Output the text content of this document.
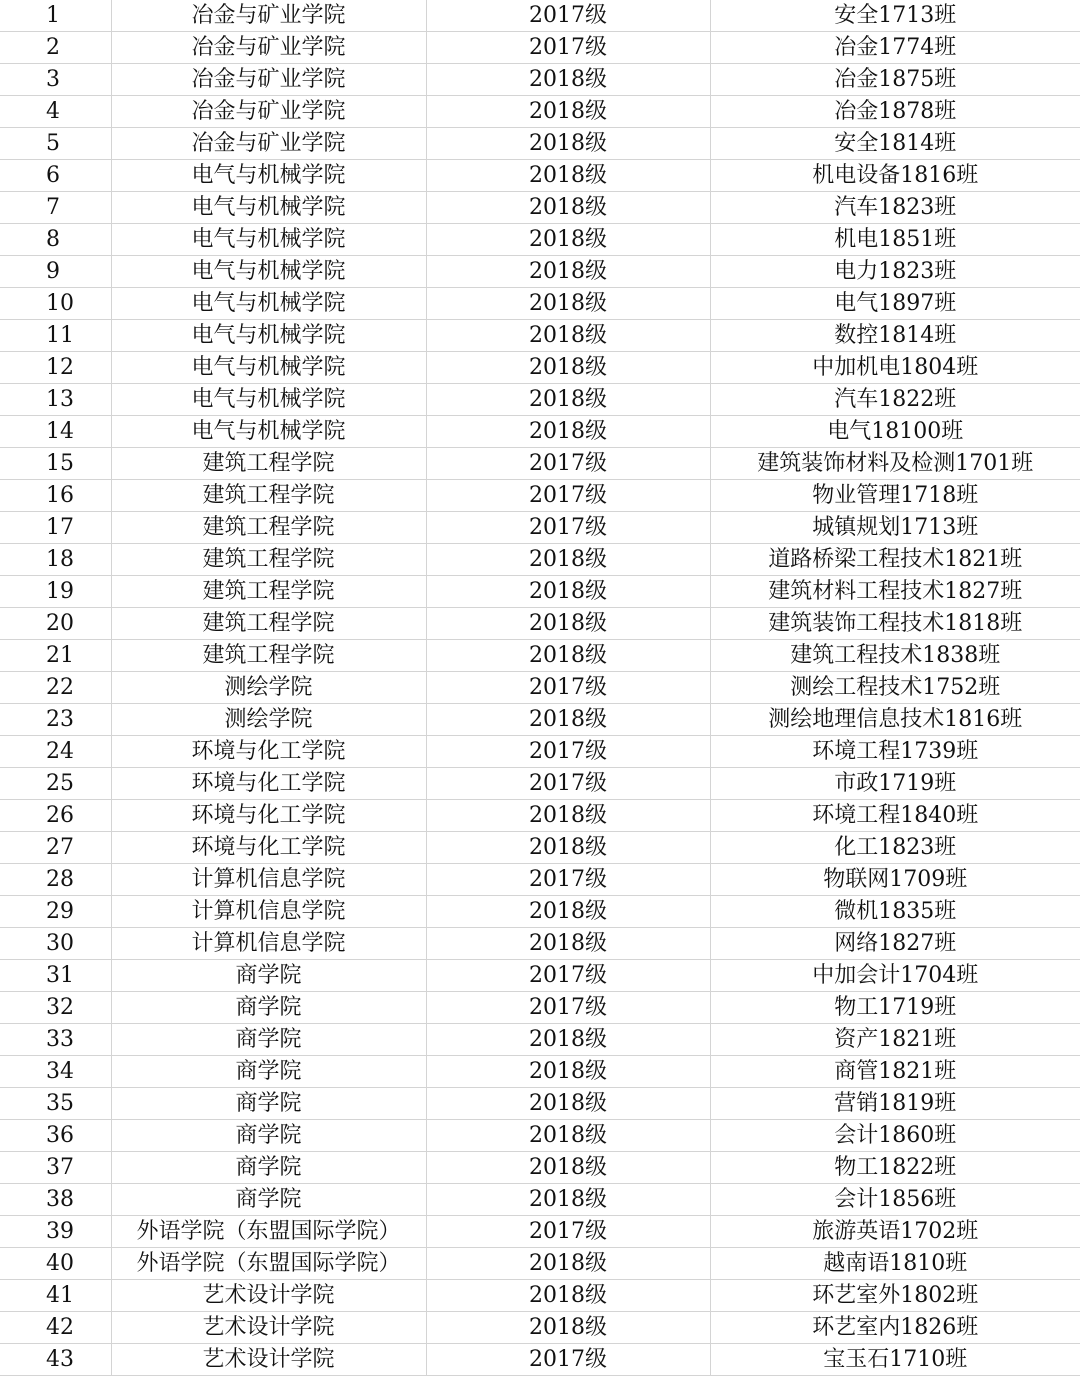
1	冶金与矿业学院	2017级	安全1713班
2	冶金与矿业学院	2017级	冶金1774班
3	冶金与矿业学院	2018级	冶金1875班
4	冶金与矿业学院	2018级	冶金1878班
5	冶金与矿业学院	2018级	安全1814班
6	电气与机械学院	2018级	机电设备1816班
7	电气与机械学院	2018级	汽车1823班
8	电气与机械学院	2018级	机电1851班
9	电气与机械学院	2018级	电力1823班
10	电气与机械学院	2018级	电气1897班
11	电气与机械学院	2018级	数控1814班
12	电气与机械学院	2018级	中加机电1804班
13	电气与机械学院	2018级	汽车1822班
14	电气与机械学院	2018级	电气18100班
15	建筑工程学院	2017级	建筑装饰材料及检测1701班
16	建筑工程学院	2017级	物业管理1718班
17	建筑工程学院	2017级	城镇规划1713班
18	建筑工程学院	2018级	道路桥梁工程技术1821班
19	建筑工程学院	2018级	建筑材料工程技术1827班
20	建筑工程学院	2018级	建筑装饰工程技术1818班
21	建筑工程学院	2018级	建筑工程技术1838班
22	测绘学院	2017级	测绘工程技术1752班
23	测绘学院	2018级	测绘地理信息技术1816班
24	环境与化工学院	2017级	环境工程1739班
25	环境与化工学院	2017级	市政1719班
26	环境与化工学院	2018级	环境工程1840班
27	环境与化工学院	2018级	化工1823班
28	计算机信息学院	2017级	物联网1709班
29	计算机信息学院	2018级	微机1835班
30	计算机信息学院	2018级	网络1827班
31	商学院	2017级	中加会计1704班
32	商学院	2017级	物工1719班
33	商学院	2018级	资产1821班
34	商学院	2018级	商管1821班
35	商学院	2018级	营销1819班
36	商学院	2018级	会计1860班
37	商学院	2018级	物工1822班
38	商学院	2018级	会计1856班
39	外语学院（东盟国际学院）	2017级	旅游英语1702班
40	外语学院（东盟国际学院）	2018级	越南语1810班
41	艺术设计学院	2018级	环艺室外1802班
42	艺术设计学院	2018级	环艺室内1826班
43	艺术设计学院	2017级	宝玉石1710班
